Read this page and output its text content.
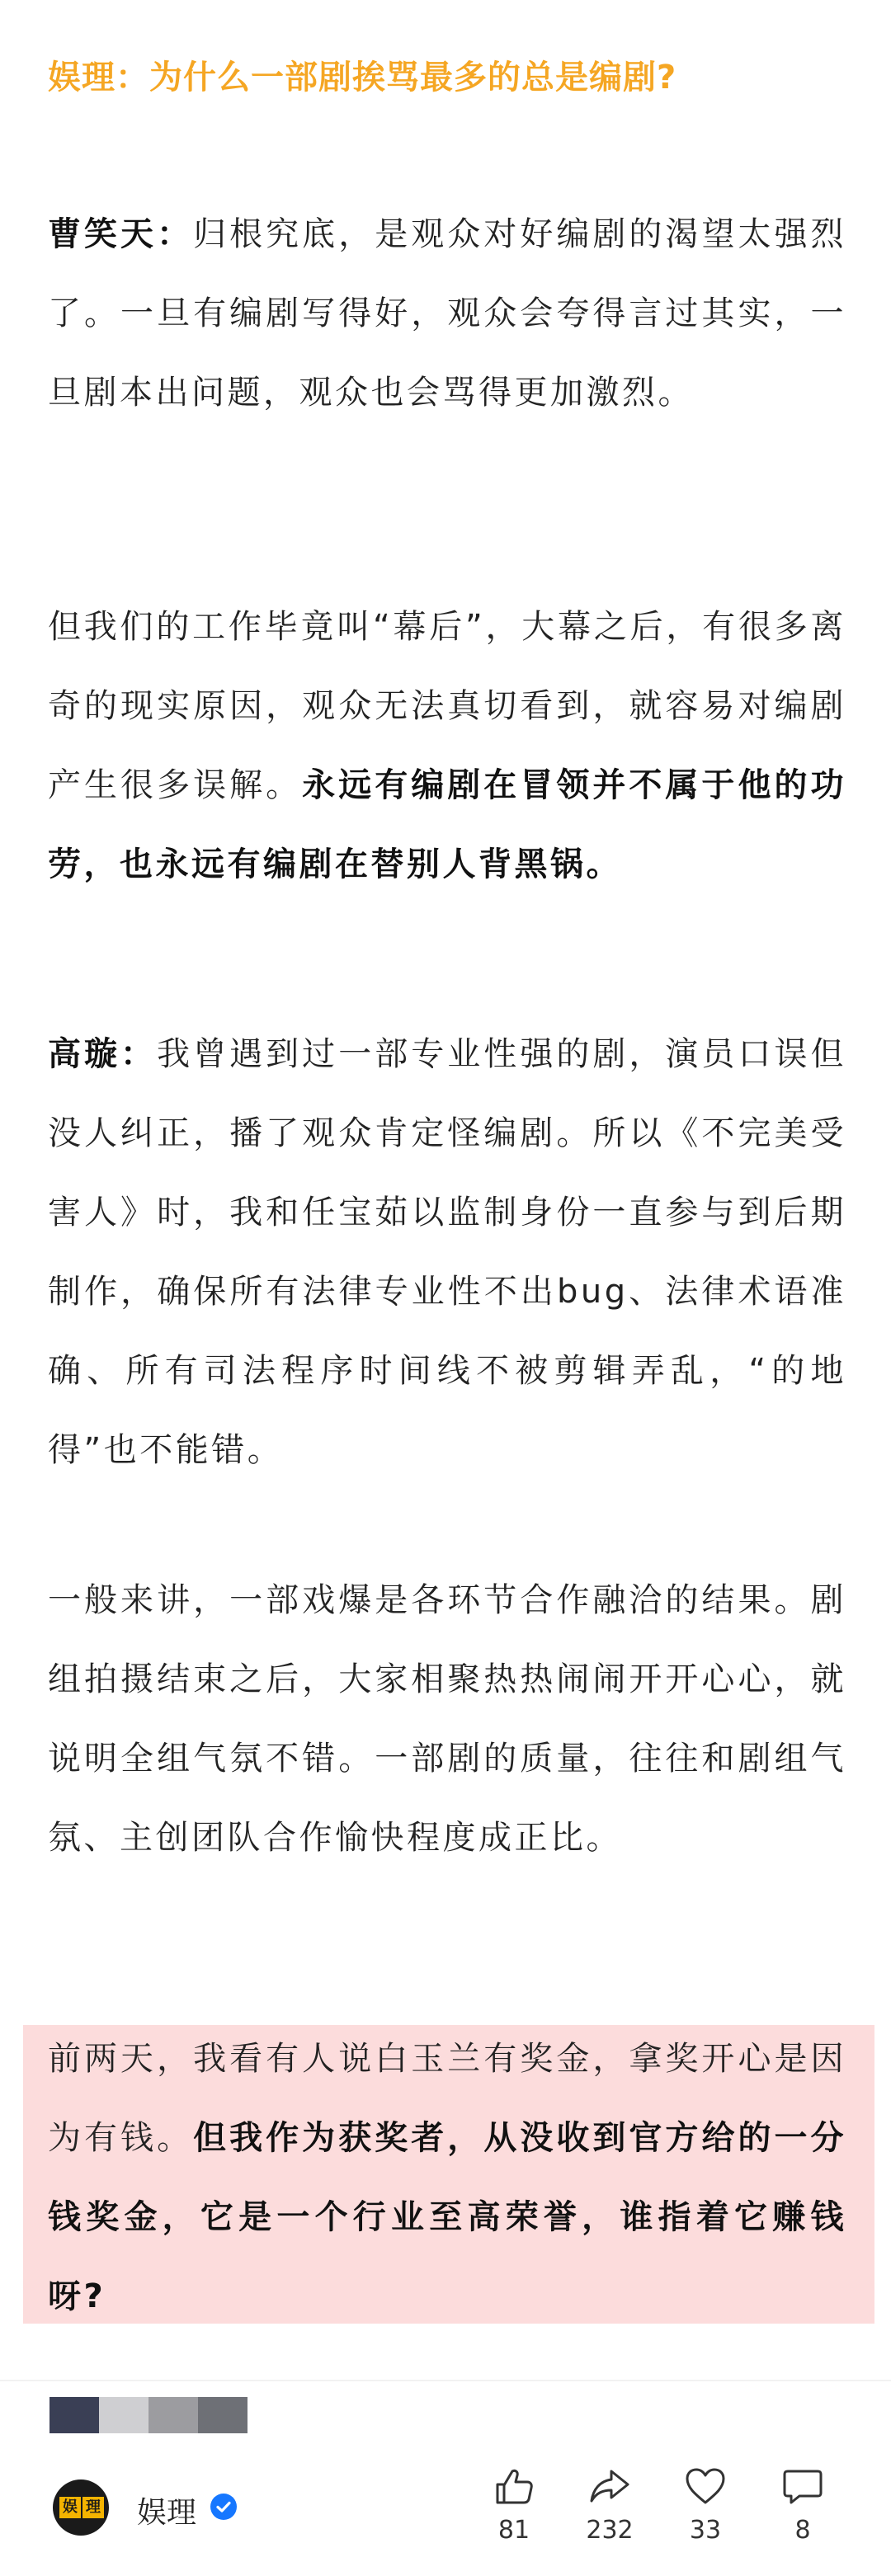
娱理：为什么一部剧挨骂最多的总是编剧?

曹笑天：归根究底，是观众对好编剧的渴望太强烈了。一旦有编剧写得好，观众会夸得言过其实，一旦剧本出问题，观众也会骂得更加激烈。

但我们的工作毕竟叫“幕后”，大幕之后，有很多离奇的现实原因，观众无法真切看到，就容易对编剧产生很多误解。永远有编剧在冒领并不属于他的功劳，也永远有编剧在替别人背黑锅。

高璇：我曾遇到过一部专业性强的剧，演员口误但没人纠正，播了观众肯定怪编剧。所以《不完美受害人》时，我和任宝茹以监制身份一直参与到后期制作，确保所有法律专业性不出bug、法律术语准确、所有司法程序时间线不被剪辑弄乱，“的地得”也不能错。

一般来讲，一部戏爆是各环节合作融洽的结果。剧组拍摄结束之后，大家相聚热热闹闹开开心心，就说明全组气氛不错。一部剧的质量，往往和剧组气氛、主创团队合作愉快程度成正比。

前两天，我看有人说白玉兰有奖金，拿奖开心是因为有钱。但我作为获奖者，从没收到官方给的一分钱奖金，它是一个行业至高荣誉，谁指着它赚钱呀?

娱 理 娱理
81	232	33	8
